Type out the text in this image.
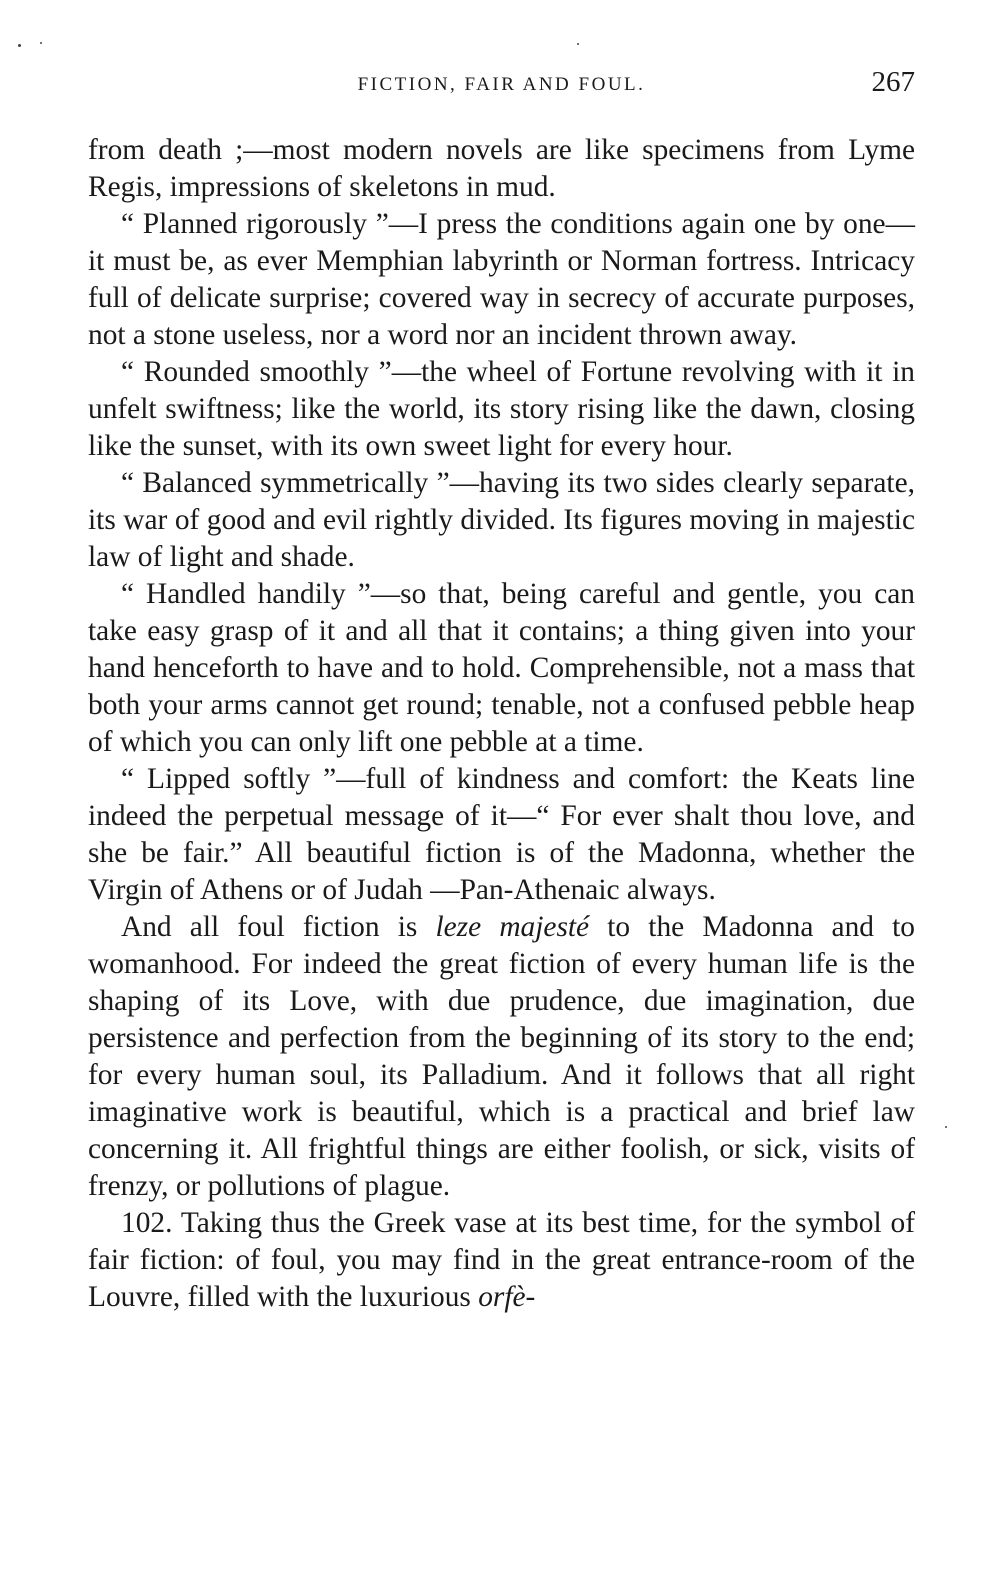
FICTION, FAIR AND FOUL.	267

from death ;—most modern novels are like specimens from Lyme Regis, impressions of skeletons in mud.

“ Planned rigorously ”—I press the conditions again one by one—it must be, as ever Memphian labyrinth or Norman fortress. Intricacy full of delicate surprise; covered way in secrecy of accurate purposes, not a stone useless, nor a word nor an incident thrown away.

“ Rounded smoothly ”—the wheel of Fortune revolving with it in unfelt swiftness; like the world, its story rising like the dawn, closing like the sunset, with its own sweet light for every hour.

“ Balanced symmetrically ”—having its two sides clearly separate, its war of good and evil rightly divided. Its figures moving in majestic law of light and shade.

“ Handled handily ”—so that, being careful and gentle, you can take easy grasp of it and all that it contains; a thing given into your hand henceforth to have and to hold. Comprehensible, not a mass that both your arms cannot get round; tenable, not a confused pebble heap of which you can only lift one pebble at a time.

“ Lipped softly ”—full of kindness and comfort: the Keats line indeed the perpetual message of it—“ For ever shalt thou love, and she be fair.” All beautiful fiction is of the Madonna, whether the Virgin of Athens or of Judah —Pan-Athenaic always.

And all foul fiction is leze majesté to the Madonna and to womanhood. For indeed the great fiction of every human life is the shaping of its Love, with due prudence, due imagination, due persistence and perfection from the beginning of its story to the end; for every human soul, its Palladium. And it follows that all right imaginative work is beautiful, which is a practical and brief law concerning it. All frightful things are either foolish, or sick, visits of frenzy, or pollutions of plague.

102. Taking thus the Greek vase at its best time, for the symbol of fair fiction: of foul, you may find in the great entrance-room of the Louvre, filled with the luxurious orfè-
